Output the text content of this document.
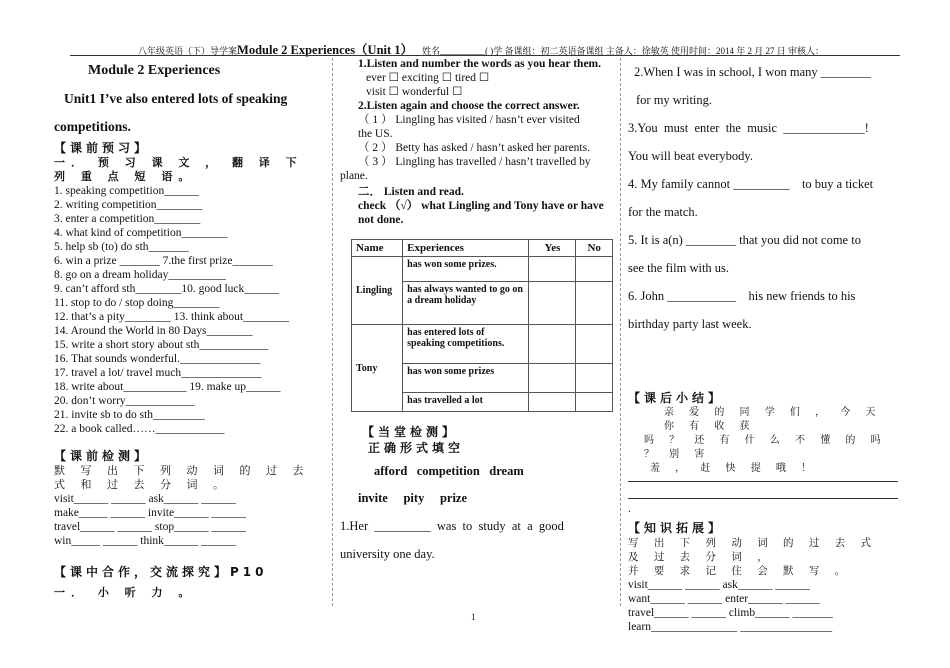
八年级英语（下）导学案Module 2 Experiences（Unit 1） 姓名__________( )学 备课组：初二英语备课组 主备人：徐敏英 使用时间：2014 年 2 月 27 日 审核人：
Module 2 Experiences
Unit1 I’ve also entered lots of speaking
competitions.
【课前预习】
一． 预 习 课 文 ， 翻 译 下 列 重 点 短 语。
1. speaking competition______
2. writing competition________
3. enter a competition________
4. what kind of competition________
5. help sb (to) do sth_______
6. win a prize _______ 7.the first prize_______
8. go on a dream holiday__________
9. can’t afford sth________10. good luck______
11. stop to do / stop doing________
12. that’s a pity________ 13. think about________
14. Around the World in 80 Days________
15. write a short story about sth____________
16. That sounds wonderful.______________
17. travel a lot/ travel much______________
18. write about___________ 19. make up______
20. don’t worry____________
21. invite sb to do sth_________
22. a book called……____________
【课前检测】
默 写 出 下 列 动 词 的 过 去 式 和 过 去 分 词 。
visit______ ______ ask______ ______
make_____ ______ invite______ ______
travel______ ______ stop______ ______
win_____ ______ think______ ______
【课中合作，交流探究】P10
一． 小 听 力 。
1.Listen and number the words as you hear them.
ever ☐ exciting ☐ tired ☐
visit ☐ wonderful ☐
2.Listen again and choose the correct answer.
（ 1 ） Lingling has visited / hasn’t ever visited
the US.
（ 2 ） Betty has asked / hasn’t asked her parents.
（ 3 ） Lingling has travelled / hasn’t travelled by
plane.
二． Listen and read.
check （√） what Lingling and Tony have or have not done.
Name	Experiences	Yes	No
Lingling	has won some prizes.		
	has always wanted to go on a dream holiday		
Tony	has entered lots of speaking competitions.		
	has won some prizes		
	has travelled a lot		
【当堂检测】
正确形式填空
afford   competition   dream
invite     pity     prize
1.Her  _________  was  to  study  at  a  good
university one day.
2.When I was in school, I won many ________
for my writing.
3.You  must  enter  the  music  _____________!
You will beat everybody.
4. My family cannot _________    to buy a ticket
for the match.
5. It is a(n) ________ that you did not come to
see the film with us.
6. John ___________    his new friends to his
birthday party last week.
【课后小结】
亲 爱 的 同 学 们 ， 今 天 你 有 收 获
吗 ？ 还 有 什 么 不 懂 的 吗 ？ 别 害
羞 ， 赶 快 提 哦 ！
.
【知识拓展】
写 出 下 列 动 词 的 过 去 式 及 过 去 分 词 ，
并 要 求 记 住 会 默 写 。
visit______ ______ ask______ ______
want______ ______ enter______ ______
travel______ ______ climb______ _______
learn_______________ ________________
1
